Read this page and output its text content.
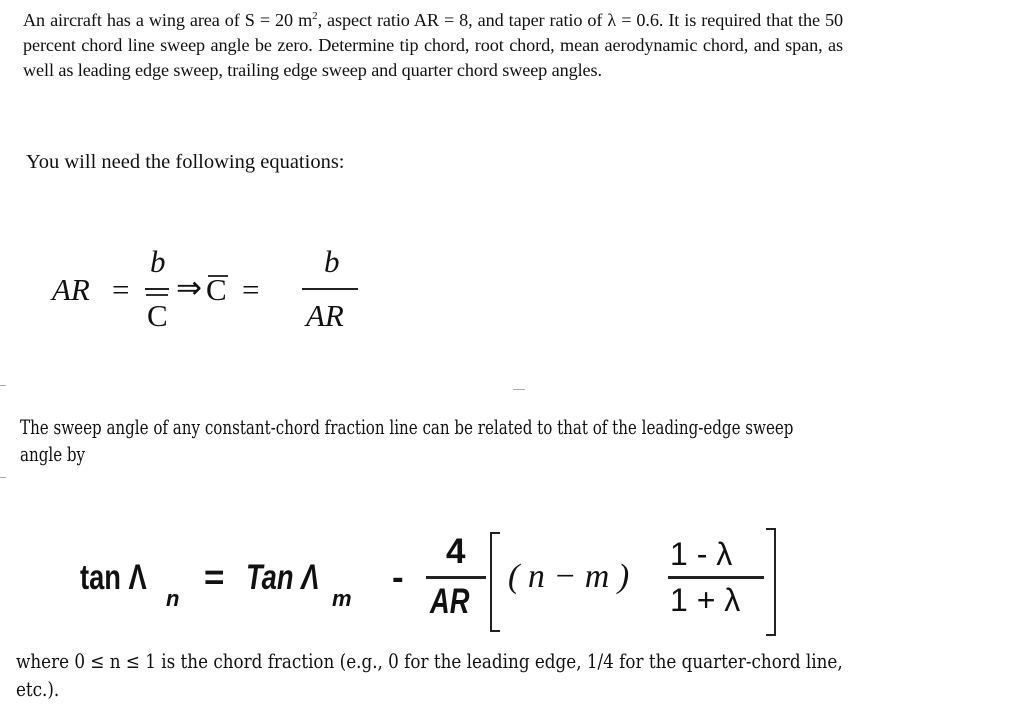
An aircraft has a wing area of S = 20 $m^2$, aspect ratio AR = 8, and taper ratio of λ = 0.6. It is required that the 50 percent chord line sweep angle be zero. Determine tip chord, root chord, mean aerodynamic chord, and span, as well as leading edge sweep, trailing edge sweep and quarter chord sweep angles.
You will need the following equations:
AR =
b
C
⇒ C =
b
AR
The sweep angle of any constant-chord fraction line can be related to that of the leading-edge sweep
angle by
tan Λ
n
= Tan Λ
m
-
4
AR
( n − m )
1 - λ
1 + λ
where 0 ≤ n ≤ 1 is the chord fraction (e.g., 0 for the leading edge, 1/4 for the quarter-chord line,
etc.).
